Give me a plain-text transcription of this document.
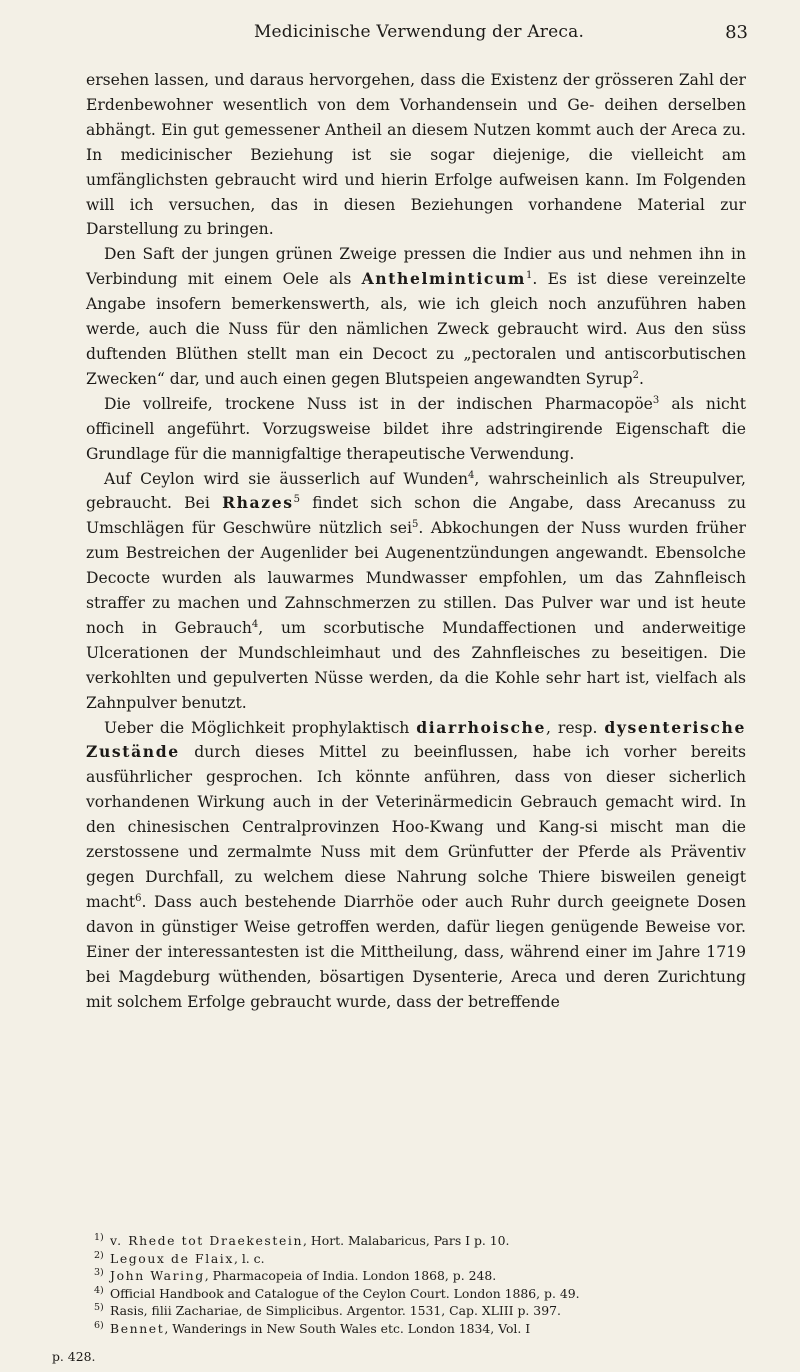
Medicinische Verwendung der Areca.	83

ersehen lassen, und daraus hervorgehen, dass die Existenz der grösseren Zahl der Erdenbewohner wesentlich von dem Vorhandensein und Ge- deihen derselben abhängt. Ein gut gemessener Antheil an diesem Nutzen kommt auch der Areca zu. In medicinischer Beziehung ist sie sogar diejenige, die vielleicht am umfänglichsten gebraucht wird und hierin Erfolge aufweisen kann. Im Folgenden will ich versuchen, das in diesen Beziehungen vorhandene Material zur Darstellung zu bringen.

Den Saft der jungen grünen Zweige pressen die Indier aus und nehmen ihn in Verbindung mit einem Oele als Anthelminticum$^1$. Es ist diese vereinzelte Angabe insofern bemerkenswerth, als, wie ich gleich noch anzuführen haben werde, auch die Nuss für den nämlichen Zweck gebraucht wird. Aus den süss duftenden Blüthen stellt man ein Decoct zu „pectoralen und antiscorbutischen Zwecken“ dar, und auch einen gegen Blutspeien angewandten Syrup$^2$.

Die vollreife, trockene Nuss ist in der indischen Pharmacopöe$^3$ als nicht officinell angeführt. Vorzugsweise bildet ihre adstringirende Eigenschaft die Grundlage für die mannigfaltige therapeutische Verwendung.

Auf Ceylon wird sie äusserlich auf Wunden$^4$, wahrscheinlich als Streupulver, gebraucht. Bei Rhazes$^5$ findet sich schon die Angabe, dass Arecanuss zu Umschlägen für Geschwüre nützlich sei$^5$. Abkochungen der Nuss wurden früher zum Bestreichen der Augenlider bei Augenentzündungen angewandt. Ebensolche Decocte wurden als lauwarmes Mundwasser empfohlen, um das Zahnfleisch straffer zu machen und Zahnschmerzen zu stillen. Das Pulver war und ist heute noch in Gebrauch$^4$, um scorbutische Mundaffectionen und anderweitige Ulcerationen der Mundschleimhaut und des Zahnfleisches zu beseitigen. Die verkohlten und gepulverten Nüsse werden, da die Kohle sehr hart ist, vielfach als Zahnpulver benutzt.

Ueber die Möglichkeit prophylaktisch diarrhoische, resp. dysenterische Zustände durch dieses Mittel zu beeinflussen, habe ich vorher bereits ausführlicher gesprochen. Ich könnte anführen, dass von dieser sicherlich vorhandenen Wirkung auch in der Veterinärmedicin Gebrauch gemacht wird. In den chinesischen Centralprovinzen Hoo-Kwang und Kang-si mischt man die zerstossene und zermalmte Nuss mit dem Grünfutter der Pferde als Präventiv gegen Durchfall, zu welchem diese Nahrung solche Thiere bisweilen geneigt macht$^6$. Dass auch bestehende Diarrhöe oder auch Ruhr durch geeignete Dosen davon in günstiger Weise getroffen werden, dafür liegen genügende Beweise vor. Einer der interessantesten ist die Mittheilung, dass, während einer im Jahre 1719 bei Magdeburg wüthenden, bösartigen Dysenterie, Areca und deren Zurichtung mit solchem Erfolge gebraucht wurde, dass der betreffende

1) v. Rhede tot Draekestein, Hort. Malabaricus, Pars I p. 10.
2) Legoux de Flaix, l. c.
3) John Waring, Pharmacopeia of India. London 1868, p. 248.
4) Official Handbook and Catalogue of the Ceylon Court. London 1886, p. 49.
5) Rasis, filii Zachariae, de Simplicibus. Argentor. 1531, Cap. XLIII p. 397.
6) Bennet, Wanderings in New South Wales etc. London 1834, Vol. I
p. 428.
